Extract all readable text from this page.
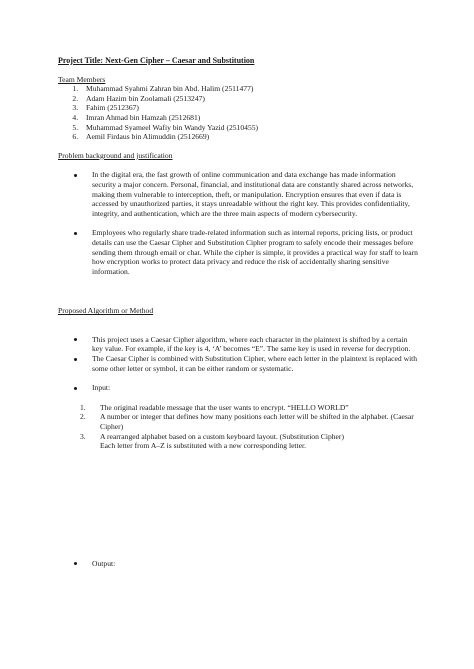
Project Title: Next-Gen Cipher – Caesar and Substitution
Team Members
1. Muhammad Syahmi Zahran bin Abd. Halim (2511477)
2. Adam Hazim bin Zoolamali (2513247)
3. Fahim (2512367)
4. Imran Ahmad bin Hamzah (2512681)
5. Muhammad Syameel Wafiy bin Wandy Yazid (2510455)
6. Aemil Firdaus bin Alimuddin (2512669)
Problem background and justification
In the digital era, the fast growth of online communication and data exchange has made information security a major concern. Personal, financial, and institutional data are constantly shared across networks, making them vulnerable to interception, theft, or manipulation. Encryption ensures that even if data is accessed by unauthorized parties, it stays unreadable without the right key. This provides confidentiality, integrity, and authentication, which are the three main aspects of modern cybersecurity.
Employees who regularly share trade-related information such as internal reports, pricing lists, or product details can use the Caesar Cipher and Substitution Cipher program to safely encode their messages before sending them through email or chat. While the cipher is simple, it provides a practical way for staff to learn how encryption works to protect data privacy and reduce the risk of accidentally sharing sensitive information.
Proposed Algorithm or Method
This project uses a Caesar Cipher algorithm, where each character in the plaintext is shifted by a certain key value. For example, if the key is 4, ‘A’ becomes “E”. The same key is used in reverse for decryption.
The Caesar Cipher is combined with Substitution Cipher, where each letter in the plaintext is replaced with some other letter or symbol, it can be either random or systematic.
Input:
1. The original readable message that the user wants to encrypt. “HELLO WORLD”
2. A number or integer that defines how many positions each letter will be shifted in the alphabet. (Caesar Cipher)
3. A rearranged alphabet based on a custom keyboard layout. (Substitution Cipher)
Each letter from A–Z is substituted with a new corresponding letter.
Output:
